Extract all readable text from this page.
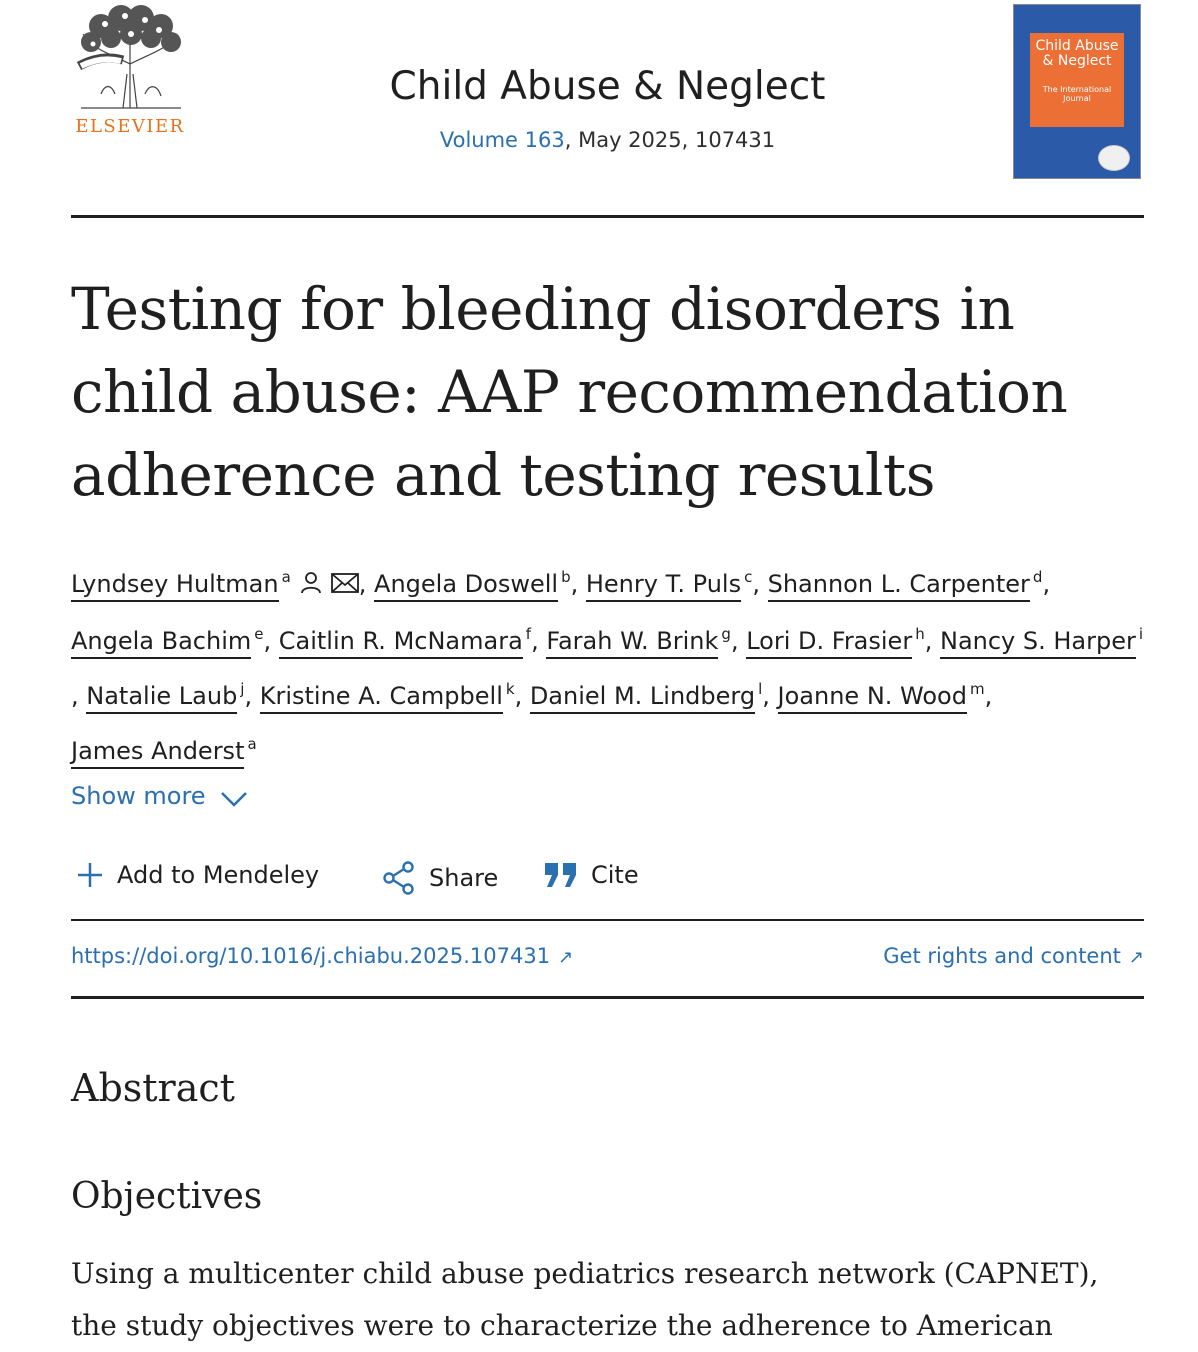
ELSEVIER
Child Abuse & Neglect
Volume 163, May 2025, 107431
Child Abuse & Neglect
The International Journal
Testing for bleeding disorders in child abuse: AAP recommendation adherence and testing results
Lyndsey Hultman $^a$	, Angela Doswell $^b$, Henry T. Puls $^c$, Shannon L. Carpenter $^d$, Angela Bachim $^e$, Caitlin R. McNamara $^f$, Farah W. Brink $^g$, Lori D. Frasier $^h$, Nancy S. Harper $^i$, Natalie Laub $^j$, Kristine A. Campbell $^k$, Daniel M. Lindberg $^l$, Joanne N. Wood $^m$, James Anderst $^a$
Show more
Add to Mendeley	Share	Cite
https://doi.org/10.1016/j.chiabu.2025.107431 ↗	Get rights and content ↗
Abstract
Objectives

Using a multicenter child abuse pediatrics research network (CAPNET), the study objectives were to characterize the adherence to American
